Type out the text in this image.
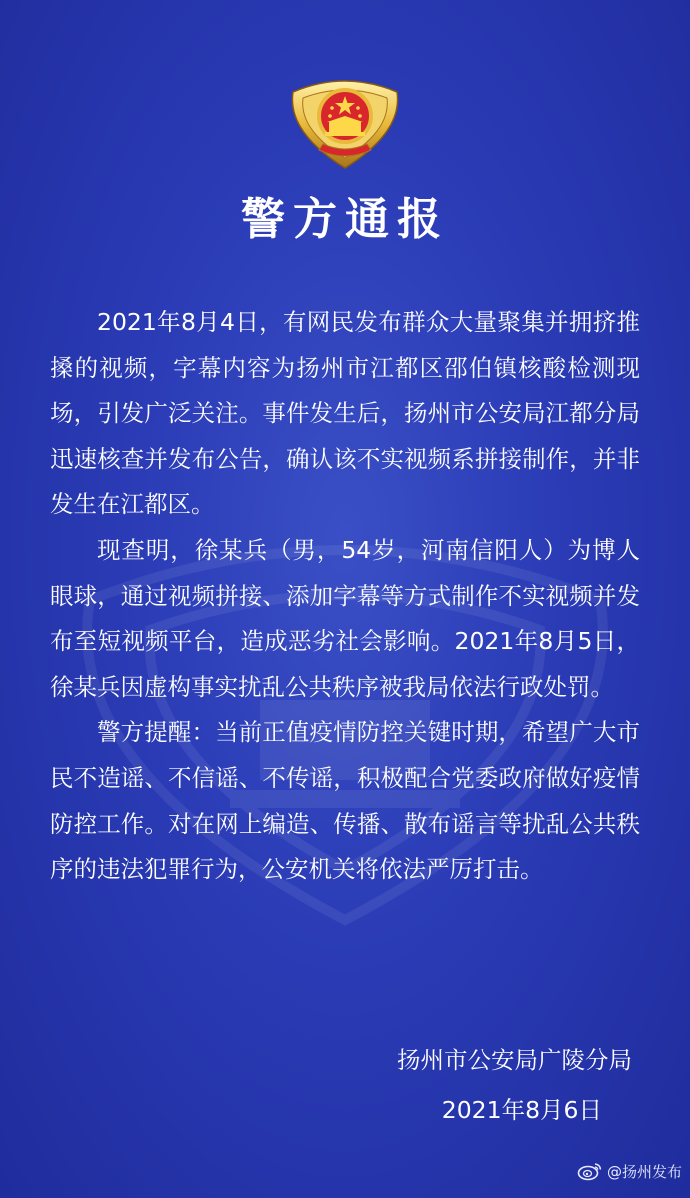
警方通报

2021年8月4日，有网民发布群众大量聚集并拥挤推搡的视频，字幕内容为扬州市江都区邵伯镇核酸检测现场，引发广泛关注。事件发生后，扬州市公安局江都分局迅速核查并发布公告，确认该不实视频系拼接制作，并非发生在江都区。

现查明，徐某兵（男，54岁，河南信阳人）为博人眼球，通过视频拼接、添加字幕等方式制作不实视频并发布至短视频平台，造成恶劣社会影响。2021年8月5日，徐某兵因虚构事实扰乱公共秩序被我局依法行政处罚。

警方提醒：当前正值疫情防控关键时期，希望广大市民不造谣、不信谣、不传谣，积极配合党委政府做好疫情防控工作。对在网上编造、传播、散布谣言等扰乱公共秩序的违法犯罪行为，公安机关将依法严厉打击。

扬州市公安局广陵分局
2021年8月6日
@扬州发布
